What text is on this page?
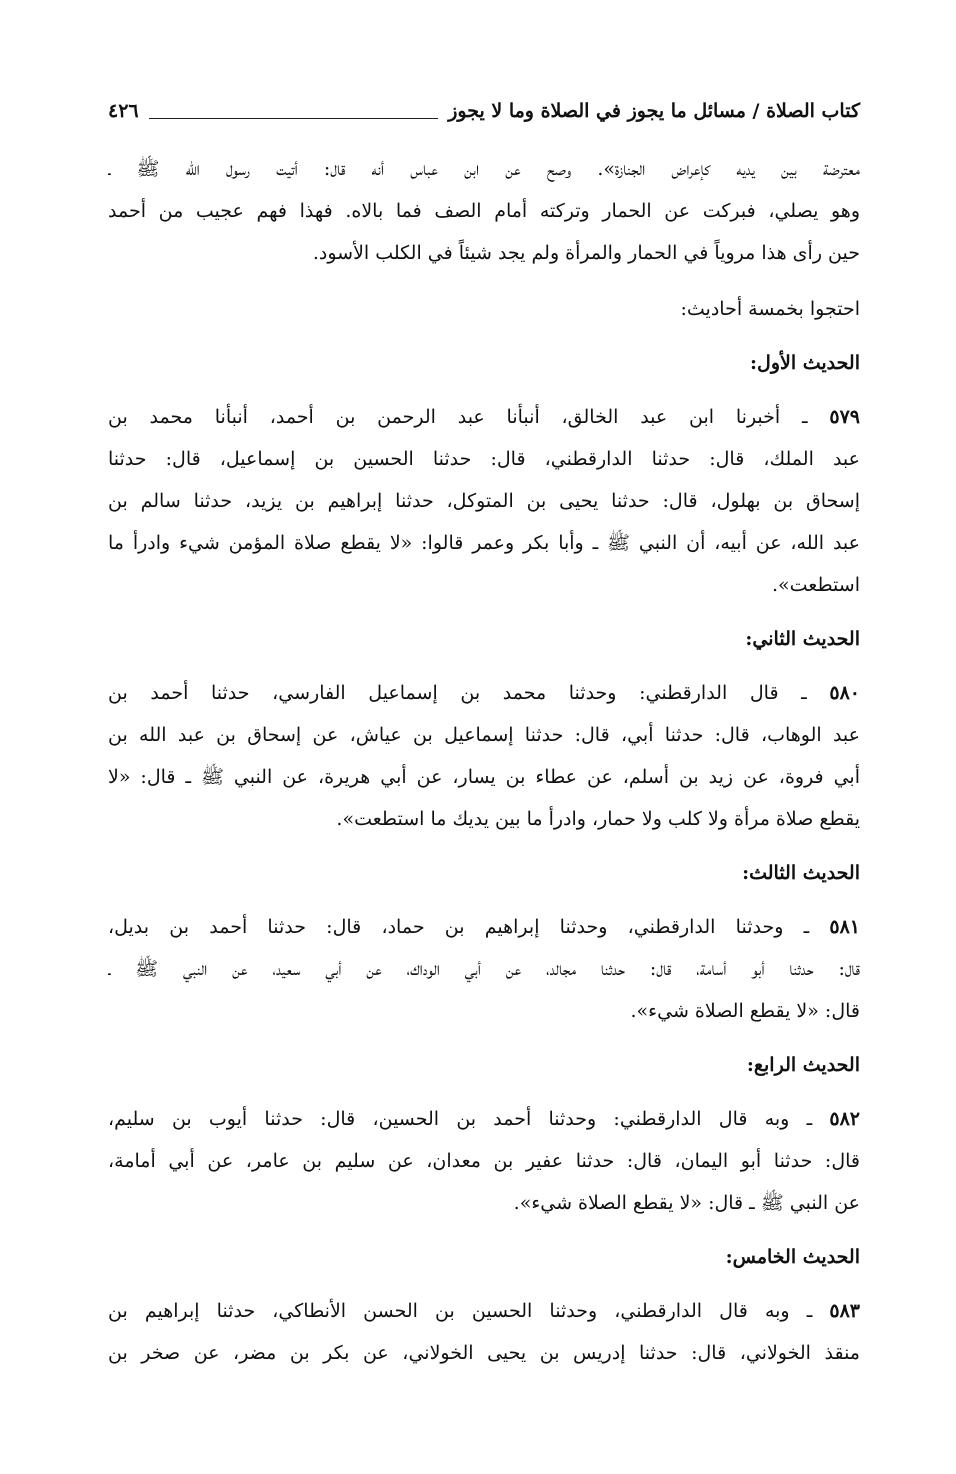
كتاب الصلاة / مسائل ما يجوز في الصلاة وما لا يجوز
٤٢٦

معترضة بين يديه كإعراض الجنازة». وصح عن ابن عباس أنه قال: أتيت رسول الله ﷺ ـ

وهو يصلي، فبركت عن الحمار وتركته أمام الصف فما بالاه. فهذا فهم عجيب من أحمد

حين رأى هذا مروياً في الحمار والمرأة ولم يجد شيئاً في الكلب الأسود.

احتجوا بخمسة أحاديث:

الحديث الأول:

٥٧٩ ـ أخبرنا ابن عبد الخالق، أنبأنا عبد الرحمن بن أحمد، أنبأنا محمد بن

عبد الملك، قال: حدثنا الدارقطني، قال: حدثنا الحسين بن إسماعيل، قال: حدثنا

إسحاق بن بهلول، قال: حدثنا يحيى بن المتوكل، حدثنا إبراهيم بن يزيد، حدثنا سالم بن

عبد الله، عن أبيه، أن النبي ﷺ ـ وأبا بكر وعمر قالوا: «لا يقطع صلاة المؤمن شيء وادرأ ما

استطعت».

الحديث الثاني:

٥٨٠ ـ قال الدارقطني: وحدثنا محمد بن إسماعيل الفارسي، حدثنا أحمد بن

عبد الوهاب، قال: حدثنا أبي، قال: حدثنا إسماعيل بن عياش، عن إسحاق بن عبد الله بن

أبي فروة، عن زيد بن أسلم، عن عطاء بن يسار، عن أبي هريرة، عن النبي ﷺ ـ قال: «لا

يقطع صلاة مرأة ولا كلب ولا حمار، وادرأ ما بين يديك ما استطعت».

الحديث الثالث:

٥٨١ ـ وحدثنا الدارقطني، وحدثنا إبراهيم بن حماد، قال: حدثنا أحمد بن بديل،

قال: حدثنا أبو أسامة، قال: حدثنا مجالد، عن أبي الوداك، عن أبي سعيد، عن النبي ﷺ ـ

قال: «لا يقطع الصلاة شيء».

الحديث الرابع:

٥٨٢ ـ وبه قال الدارقطني: وحدثنا أحمد بن الحسين، قال: حدثنا أيوب بن سليم،

قال: حدثنا أبو اليمان، قال: حدثنا عفير بن معدان، عن سليم بن عامر، عن أبي أمامة،

عن النبي ﷺ ـ قال: «لا يقطع الصلاة شيء».

الحديث الخامس:

٥٨٣ ـ وبه قال الدارقطني، وحدثنا الحسين بن الحسن الأنطاكي، حدثنا إبراهيم بن

منقذ الخولاني، قال: حدثنا إدريس بن يحيى الخولاني، عن بكر بن مضر، عن صخر بن
